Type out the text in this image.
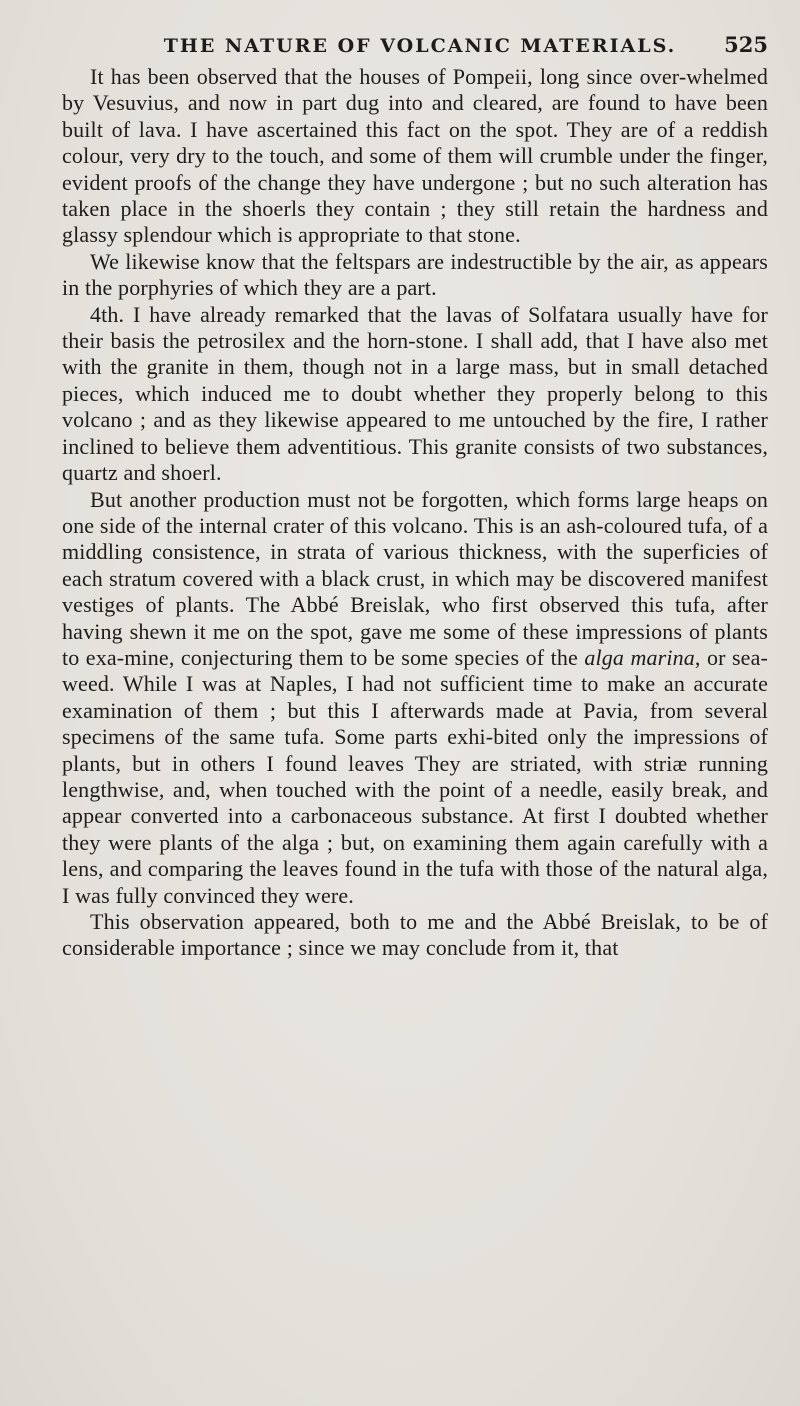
THE NATURE OF VOLCANIC MATERIALS.	525

It has been observed that the houses of Pompeii, long since over-whelmed by Vesuvius, and now in part dug into and cleared, are found to have been built of lava. I have ascertained this fact on the spot. They are of a reddish colour, very dry to the touch, and some of them will crumble under the finger, evident proofs of the change they have undergone ; but no such alteration has taken place in the shoerls they contain ; they still retain the hardness and glassy splendour which is appropriate to that stone.

We likewise know that the feltspars are indestructible by the air, as appears in the porphyries of which they are a part.

4th. I have already remarked that the lavas of Solfatara usually have for their basis the petrosilex and the horn-stone. I shall add, that I have also met with the granite in them, though not in a large mass, but in small detached pieces, which induced me to doubt whether they properly belong to this volcano ; and as they likewise appeared to me untouched by the fire, I rather inclined to believe them adventitious. This granite consists of two substances, quartz and shoerl.

But another production must not be forgotten, which forms large heaps on one side of the internal crater of this volcano. This is an ash-coloured tufa, of a middling consistence, in strata of various thickness, with the superficies of each stratum covered with a black crust, in which may be discovered manifest vestiges of plants. The Abbé Breislak, who first observed this tufa, after having shewn it me on the spot, gave me some of these impressions of plants to exa-mine, conjecturing them to be some species of the alga marina, or sea-weed. While I was at Naples, I had not sufficient time to make an accurate examination of them ; but this I afterwards made at Pavia, from several specimens of the same tufa. Some parts exhi-bited only the impressions of plants, but in others I found leaves They are striated, with striæ running lengthwise, and, when touched with the point of a needle, easily break, and appear converted into a carbonaceous substance. At first I doubted whether they were plants of the alga ; but, on examining them again carefully with a lens, and comparing the leaves found in the tufa with those of the natural alga, I was fully convinced they were.

This observation appeared, both to me and the Abbé Breislak, to be of considerable importance ; since we may conclude from it, that
